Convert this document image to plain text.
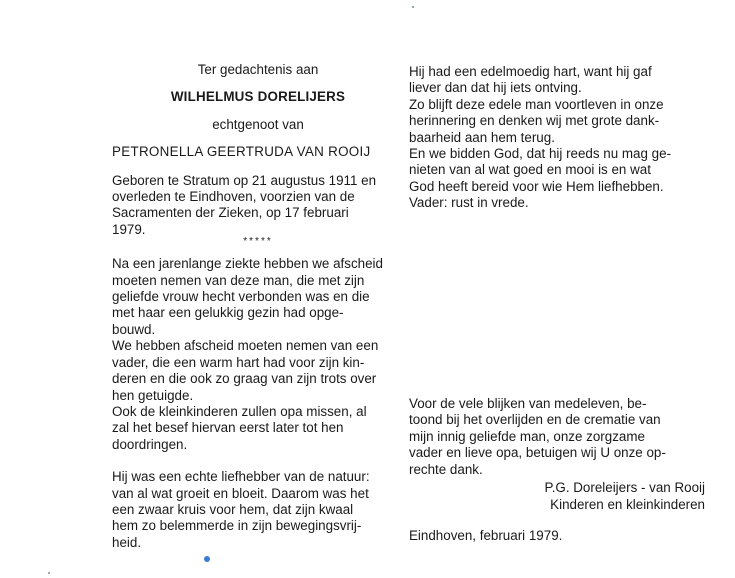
Ter gedachtenis aan

WILHELMUS DORELIJERS

echtgenoot van

PETRONELLA GEERTRUDA VAN ROOIJ

Geboren te Stratum op 21 augustus 1911 en
overleden te Eindhoven, voorzien van de
Sacramenten der Zieken, op 17 februari
1979.
*****
Na een jarenlange ziekte hebben we afscheid
moeten nemen van deze man, die met zijn
geliefde vrouw hecht verbonden was en die
met haar een gelukkig gezin had opge-
bouwd.
We hebben afscheid moeten nemen van een
vader, die een warm hart had voor zijn kin-
deren en die ook zo graag van zijn trots over
hen getuigde.
Ook de kleinkinderen zullen opa missen, al
zal het besef hiervan eerst later tot hen
doordringen.
Hij was een echte liefhebber van de natuur:
van al wat groeit en bloeit. Daarom was het
een zwaar kruis voor hem, dat zijn kwaal
hem zo belemmerde in zijn bewegingsvrij-
heid.
Hij had een edelmoedig hart, want hij gaf
liever dan dat hij iets ontving.
Zo blijft deze edele man voortleven in onze
herinnering en denken wij met grote dank-
baarheid aan hem terug.
En we bidden God, dat hij reeds nu mag ge-
nieten van al wat goed en mooi is en wat
God heeft bereid voor wie Hem liefhebben.
Vader: rust in vrede.
Voor de vele blijken van medeleven, be-
toond bij het overlijden en de crematie van
mijn innig geliefde man, onze zorgzame
vader en lieve opa, betuigen wij U onze op-
rechte dank.

P.G. Doreleijers - van Rooij

Kinderen en kleinkinderen

Eindhoven, februari 1979.
